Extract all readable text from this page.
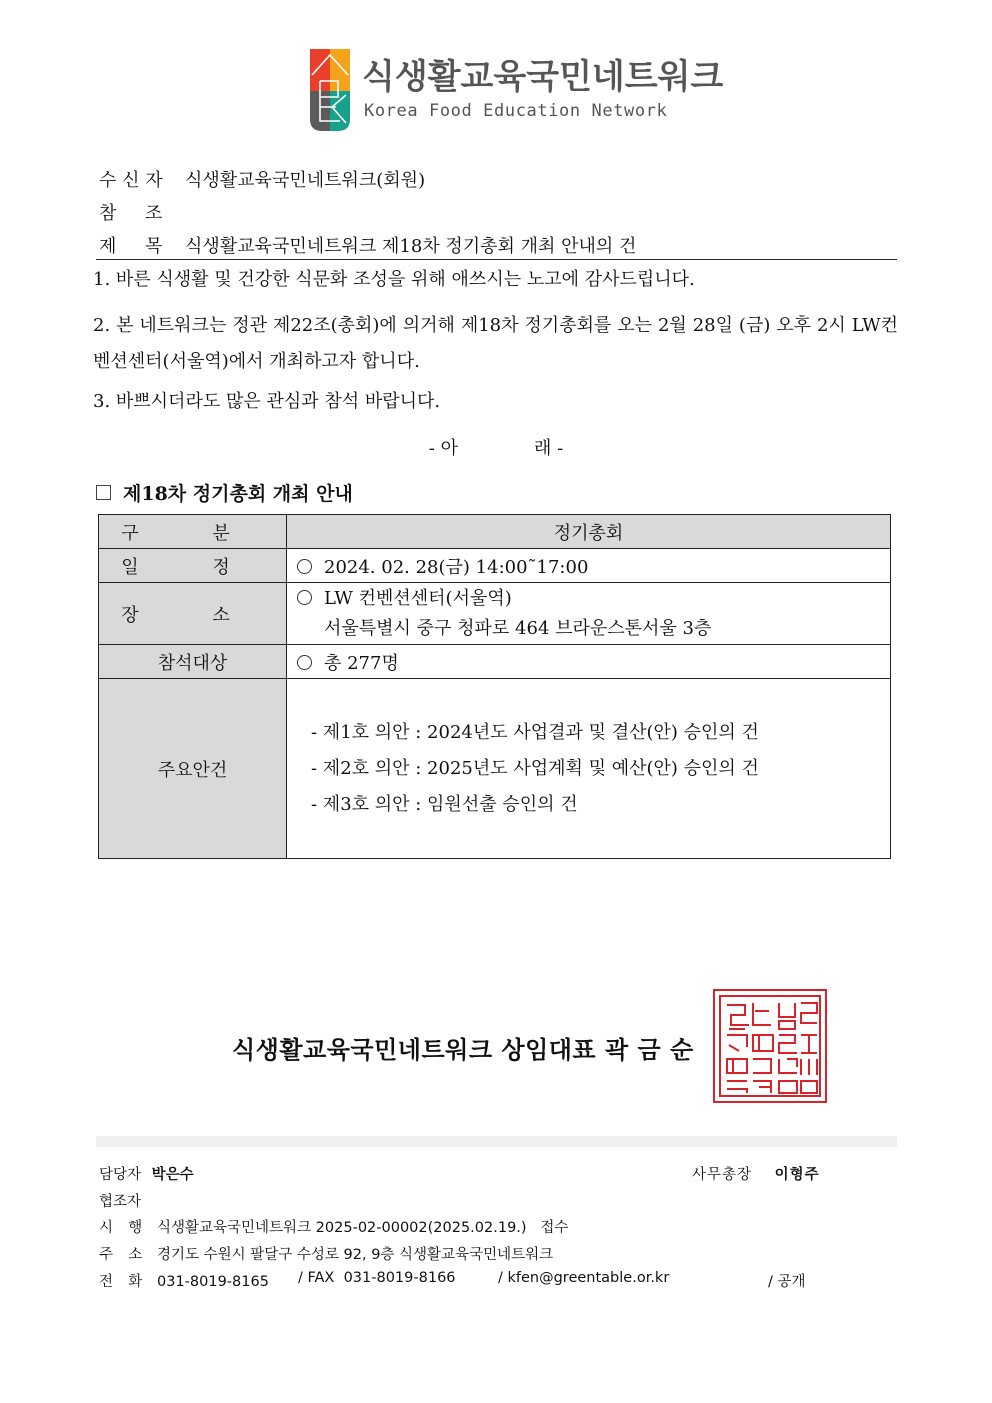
식생활교육국민네트워크
Korea Food Education Network
수 신 자 식생활교육국민네트워크(회원)
참     조
제     목 식생활교육국민네트워크 제18차 정기총회 개최 안내의 건
1. 바른 식생활 및 건강한 식문화 조성을 위해 애쓰시는 노고에 감사드립니다.
2. 본 네트워크는 정관 제22조(총회)에 의거해 제18차 정기총회를 오는 2월 28일 (금) 오후 2시 LW컨벤션센터(서울역)에서 개최하고자 합니다.
3. 바쁘시더라도 많은 관심과 참석 바랍니다.
- 아	래 -
제18차 정기총회 개최 안내
구 분	정기총회
일 정	2024. 02. 28(금) 14:00˜17:00
장 소	LW 컨벤션센터(서울역)
서울특별시 중구 청파로 464 브라운스톤서울 3층

참석대상	총 277명
주요안건	
- 제1호 의안 : 2024년도 사업결과 및 결산(안) 승인의 건
- 제2호 의안 : 2025년도 사업계획 및 예산(안) 승인의 건
- 제3호 의안 : 임원선출 승인의 건
식생활교육국민네트워크 상임대표 곽 금 순
담당자 박은수	사무총장 이형주
협조자
시  행 식생활교육국민네트워크 2025-02-00002(2025.02.19.)   접수
주  소 경기도 수원시 팔달구 수성로 92, 9층 식생활교육국민네트워크
전  화 031-8019-8165 / FAX  031-8019-8166	/ kfen@greentable.or.kr	/ 공개
